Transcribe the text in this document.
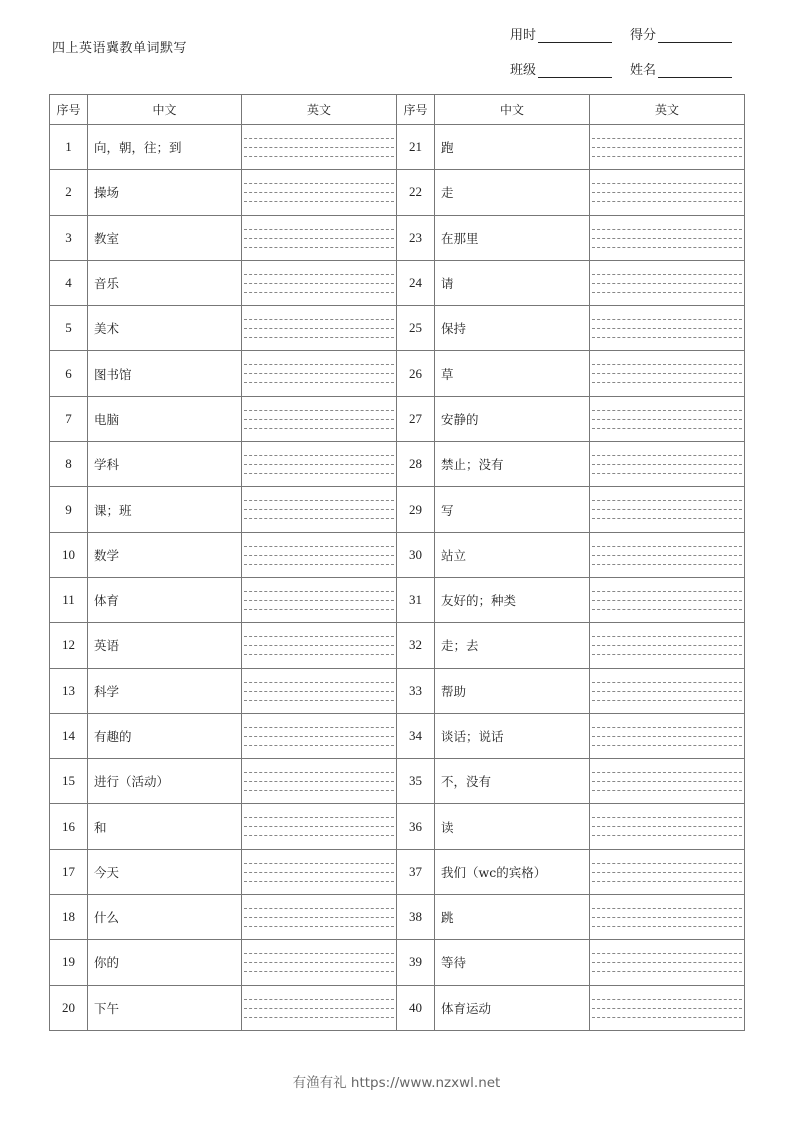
四上英语冀教单词默写
用时	得分
班级	姓名
序号	中文	英文	序号	中文	英文
1	向，朝，往；到		21	跑	

2	操场		22	走	

3	教室		23	在那里	

4	音乐		24	请	

5	美术		25	保持	

6	图书馆		26	草	

7	电脑		27	安静的	

8	学科		28	禁止；没有	

9	课；班		29	写	

10	数学		30	站立	

11	体育		31	友好的；种类	

12	英语		32	走；去	

13	科学		33	帮助	

14	有趣的		34	谈话；说话	

15	进行（活动）		35	不，没有	

16	和		36	读	

17	今天		37	我们（wc的宾格）	

18	什么		38	跳	

19	你的		39	等待	

20	下午		40	体育运动	
有渔有礼 https://www.nzxwl.net
